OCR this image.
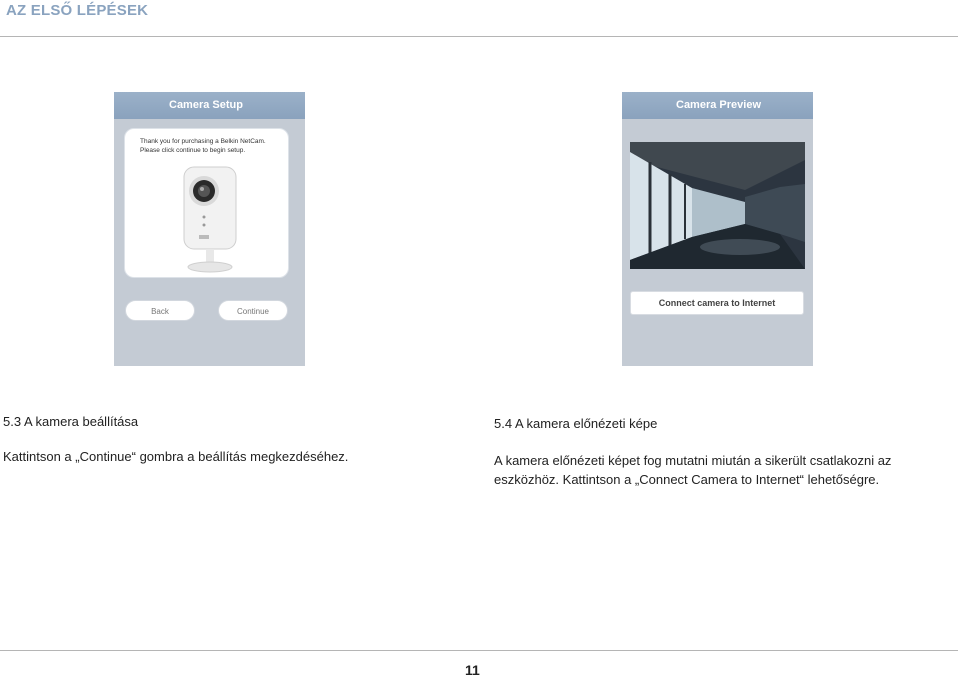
AZ ELSŐ LÉPÉSEK
Camera Setup
Thank you for purchasing a Belkin NetCam.
Please click continue to begin setup.
Back	Continue
Camera Preview
Connect camera to Internet
5.3 A kamera beállítása
Kattintson a „Continue“ gombra a beállítás megkezdéséhez.
5.4 A kamera előnézeti képe
A kamera előnézeti képet fog mutatni miután a sikerült csatlakozni az
eszközhöz. Kattintson a „Connect Camera to Internet“ lehetőségre.
11
